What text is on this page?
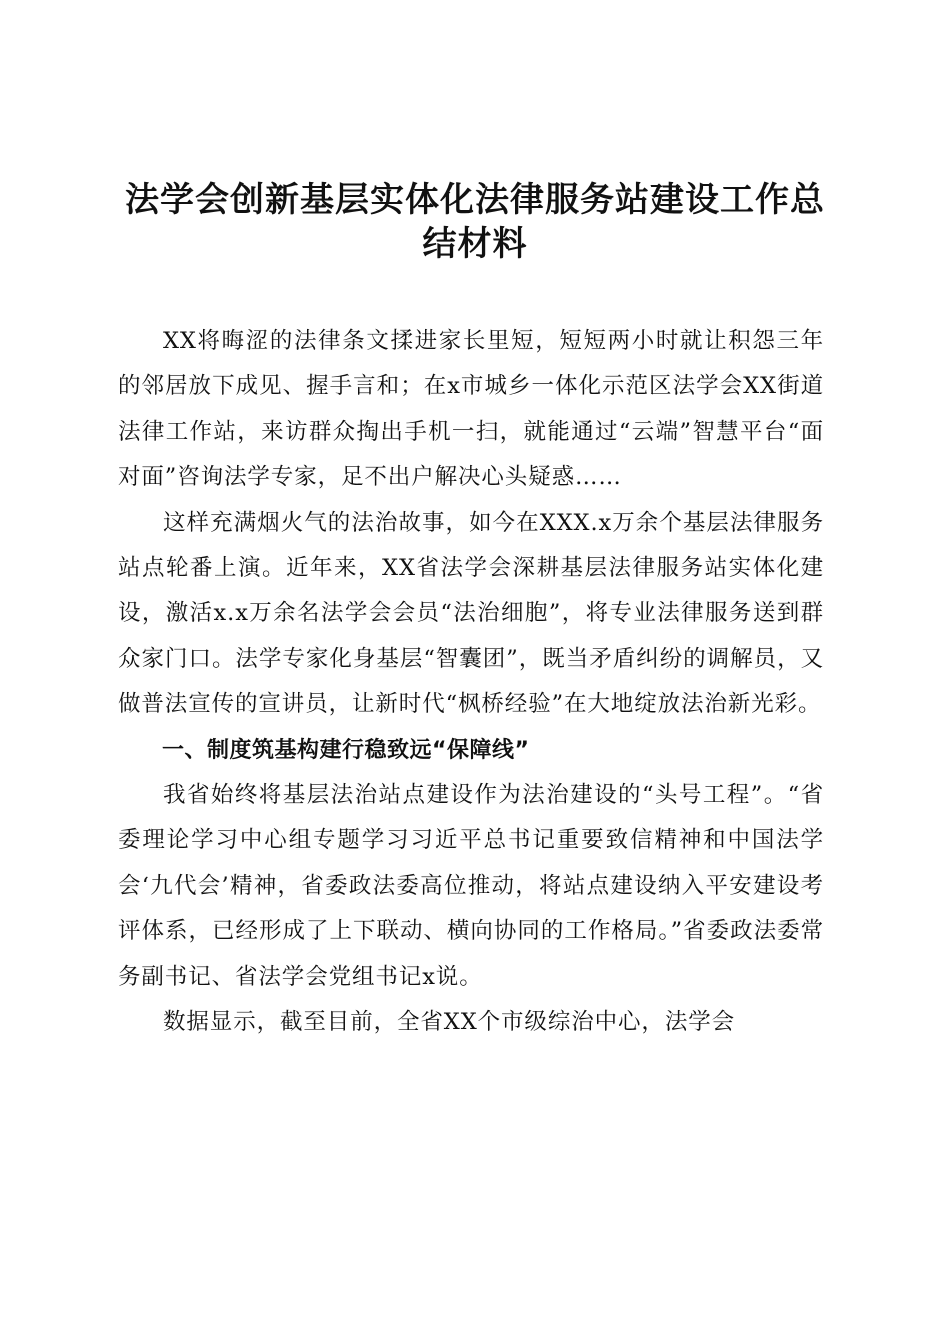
法学会创新基层实体化法律服务站建设工作总结材料

XX将晦涩的法律条文揉进家长里短，短短两小时就让积怨三年的邻居放下成见、握手言和；在x市城乡一体化示范区法学会XX街道法律工作站，来访群众掏出手机一扫，就能通过“云端”智慧平台“面对面”咨询法学专家，足不出户解决心头疑惑……

这样充满烟火气的法治故事，如今在XXX.x万余个基层法律服务站点轮番上演。近年来，XX省法学会深耕基层法律服务站实体化建设，激活x.x万余名法学会会员“法治细胞”，将专业法律服务送到群众家门口。法学专家化身基层“智囊团”，既当矛盾纠纷的调解员，又做普法宣传的宣讲员，让新时代“枫桥经验”在大地绽放法治新光彩。

一、制度筑基构建行稳致远“保障线”

我省始终将基层法治站点建设作为法治建设的“头号工程”。“省委理论学习中心组专题学习习近平总书记重要致信精神和中国法学会‘九代会’精神，省委政法委高位推动，将站点建设纳入平安建设考评体系，已经形成了上下联动、横向协同的工作格局。”省委政法委常务副书记、省法学会党组书记x说。

数据显示，截至目前，全省XX个市级综治中心，法学会
